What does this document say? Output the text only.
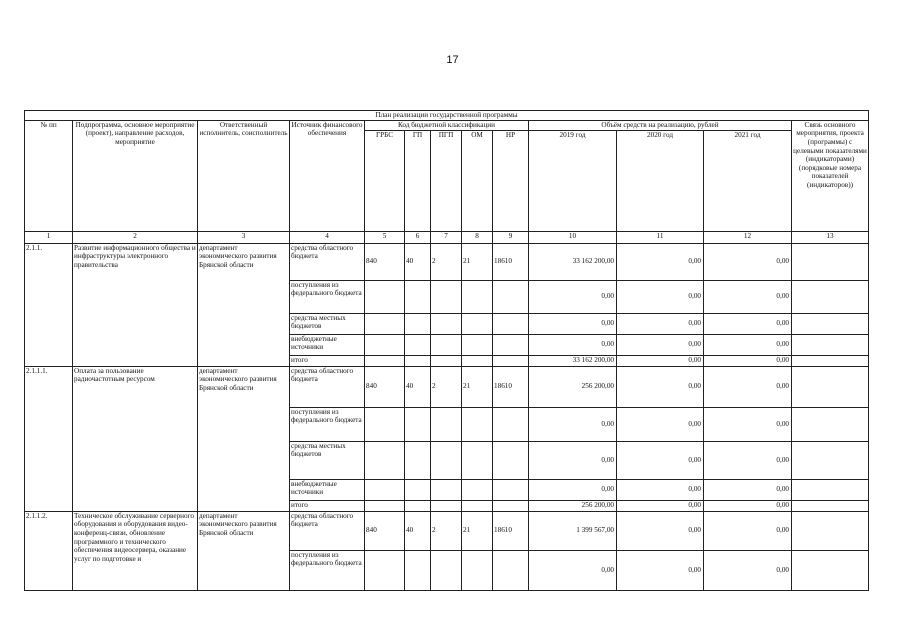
17
План реализации государственной программы												
№ пп	Подпрограмма, основное мероприятие (проект), направление расходов, мероприятие	Ответственный исполнитель, соисполнитель	Источник финансового обеспечения	Код бюджетной классификации					Объём средств на реализацию, рублей			Связь основного мероприятия, проекта (программы) с целевыми показателями (индикаторами) (порядковые номера показателей (индикаторов))
				ГРБС	ГП	ПГП	ОМ	НР	2019 год	2020 год	2021 год	
1	2	3	4	5	6	7	8	9	10	11	12	13
2.1.1.	Развитие информационного общества и инфраструктуры электронного правительства	департамент экономического развития Брянской области	средства областного бюджета	840	40	2	21	18610	33 162 200,00	0,00	0,00	
			поступления из федерального бюджета						0,00	0,00	0,00	
			средства местных бюджетов						0,00	0,00	0,00	
			внебюджетные источники						0,00	0,00	0,00	
			итого						33 162 200,00	0,00	0,00	
2.1.1.1.	Оплата за пользование радиочастотным ресурсом	департамент экономического развития Брянской области	средства областного бюджета	840	40	2	21	18610	256 200,00	0,00	0,00	
			поступления из федерального бюджета						0,00	0,00	0,00	
			средства местных бюджетов						0,00	0,00	0,00	
			внебюджетные источники						0,00	0,00	0,00	
			итого						256 200,00	0,00	0,00	
2.1.1.2.	Техническое обслуживание серверного оборудования и оборудования видео-конференц-связи, обновление программного и технического обеспечения видеосервера, оказание услуг по подготовке и	департамент экономического развития Брянской области	средства областного бюджета	840	40	2	21	18610	1 399 567,00	0,00	0,00	
			поступления из федерального бюджета						0,00	0,00	0,00	
